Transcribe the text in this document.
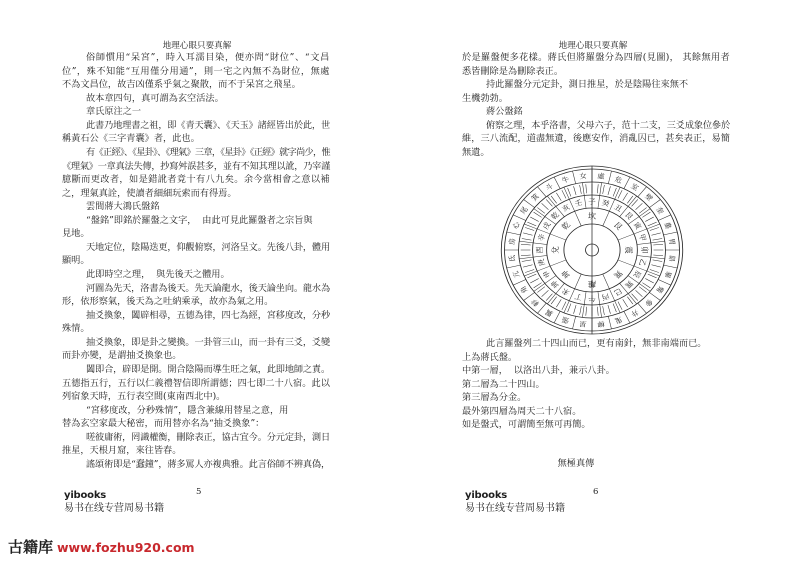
地理心眼只要真解
俗師慣用“呆宮”，時入耳濡目染，便亦問“財位”、“文昌
位”，殊不知能“互用僅分用通”，則一宅之內無不為財位，無處
不為文昌位，故吉凶僅系乎氣之聚散，而不于呆宮之飛星。
故本章四句，真可謂為玄空活法。
章氏原注之一
此書乃地理書之祖，即《青天囊》、《天玉》諸經皆出於此，世
稱黃石公《三字青囊》者，此也。
有《正經》、《星卦》、《理氣》三章，《星卦》《正經》就字尚少，惟
《理氣》一章真法失傳，抄寫舛誤甚多，並有不知其理以訛，乃宰謹
臆斷而更改者，如是錯訛者竟十有八九矣。余今當相會之意以補
之，理氣真詮，使讀者細細玩索而有得焉。
雲間蔣大鴻氏盤銘
“盤銘”即銘於羅盤之文字，  由此可見此羅盤者之宗旨與
見地。
天地定位，陰陽迭更，仰觀俯察，河洛呈文。先後八卦，體用
顯明。
此即時空之理，  與先後天之體用。
河圖為先天，洛書為後天。先天論龍水，後天論坐向。龍水為
形，依形察氣，後天為之吐納乘承，故亦為氣之用。
抽爻換象，闔辟相尋，五德為律，四七為經，宮移度改，分秒
殊情。
抽爻換象，即是卦之變換。一卦管三山，而一卦有三爻，爻變
而卦亦變，是謂抽爻換象也。
闔即合，辟即是開。開合陰陽而導生旺之氣，此即地師之責。
五德指五行，五行以仁義禮智信即所謂德；四七即二十八宿。此以
列宿象天時，五行表空間(東南西北中)。
“宮移度改，分秒殊情”，隱含兼線用替星之意，用
替為玄空家最大秘密，而用替亦名為“抽爻換象”：
嗟彼庸術，罔識權衡，刪除表正，協古宜今。分元定卦，測日
推星，天根月窟，來往皆春。
謠頌術即是“蠢鐘”，蔣多罵人亦複典雅。此言俗師不辨真偽，
yibooks	5
易书在线专营周易书籍
地理心眼只要真解
於是羅盤便多花樣。蔣氏但將羅盤分為四層(見圖)， 其餘無用者
悉皆刪除是為刪除表正。
持此羅盤分元定卦，測日推星，於是陰陽往來無不
生機勃勃。
蔣公盤銘
俯察之理，本乎洛書，父母六子，范十二支，三爻成象位參於
維，三八流配，道盡無遺，後應安作，消亂囚已，甚矣表正，易簡
無遺。
坎
艮
震
巽
離
坤
兌
乾
壬 子 癸 丑
艮
寅
甲
卯
乙
辰
巽
巳
丙
午
丁
未
坤
申
庚
酉
辛
戌
乾
亥
虛 危
室
壁
奎
婁
胃
昴
畢
觜
參
井
鬼
柳
星
張
翼
軫
角
亢
氐
房
心
尾
箕
斗
牛 女
此言羅盤列二十四山而已，更有南針，無非南端而已。
上為蔣氏盤。
中第一層，  以洛出八卦，兼示八卦。
第二層為二十四山。
第三層為分金。
最外第四層為周天二十八宿。
如是盤式，可謂簡至無可再簡。
無極真傳
yibooks	6
易书在线专营周易书籍
古籍库 www.fozhu920.com
